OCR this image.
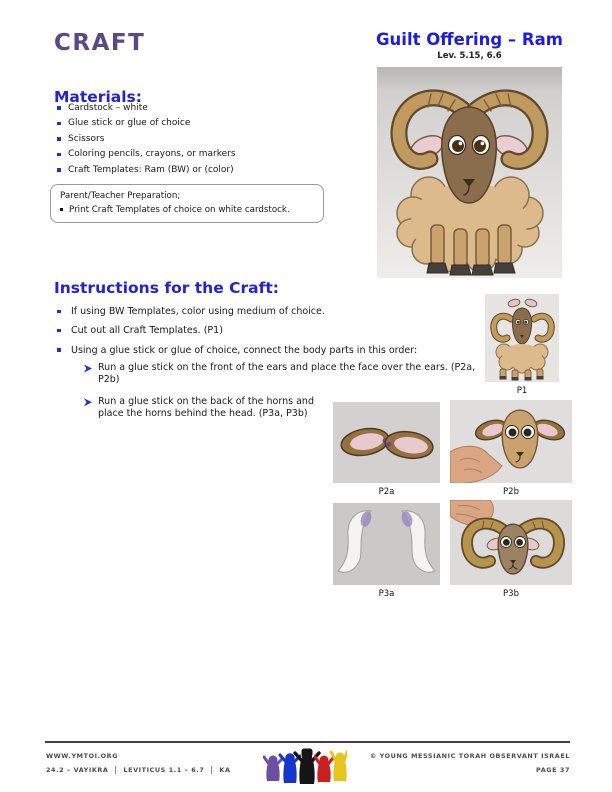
CRAFT	Guilt Offering – Ram
Lev. 5.15, 6.6
Materials:
Cardstock – white
Glue stick or glue of choice
Scissors
Coloring pencils, crayons, or markers
Craft Templates: Ram (BW) or (color)
Parent/Teacher Preparation;
Print Craft Templates of choice on white cardstock.
Instructions for the Craft:
If using BW Templates, color using medium of choice.
Cut out all Craft Templates. (P1)
Using a glue stick or glue of choice, connect the body parts in this order:
Run a glue stick on the front of the ears and place the face over the ears. (P2a, P2b)
Run a glue stick on the back of the horns and place the horns behind the head. (P3a, P3b)
P1
P2a	P2b
P3a	P3b
WWW.YMTOI.ORG
24.2 – VAYIKRA LEVITICUS 1.1 – 6.7 KA
© YOUNG MESSIANIC TORAH OBSERVANT ISRAEL
PAGE 37
